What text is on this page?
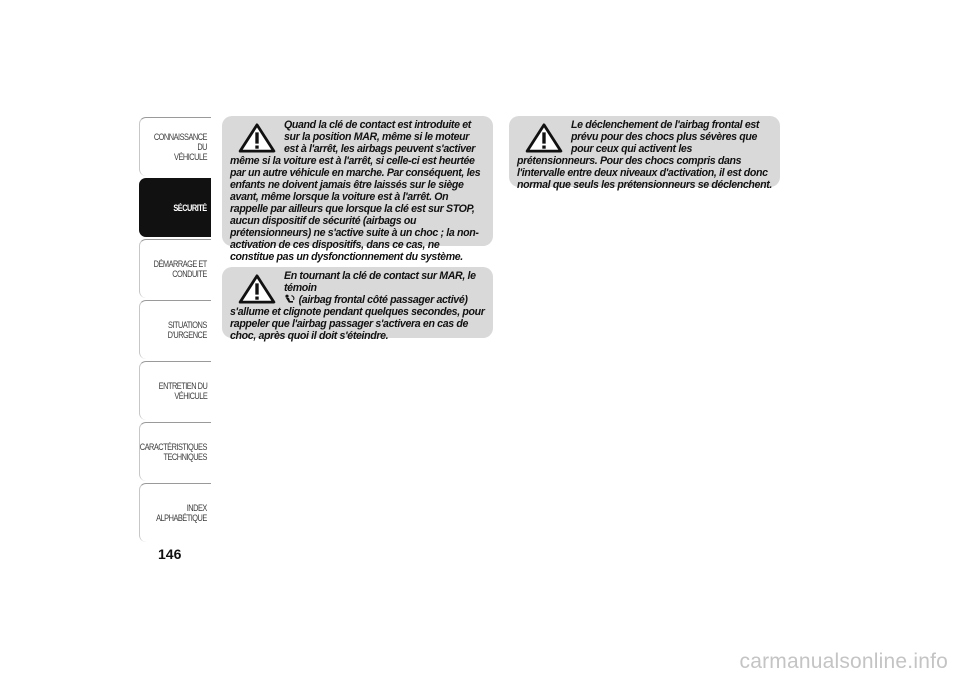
CONNAISSANCE DU
VÉHICULE
SÉCURITÉ
DÉMARRAGE ET
CONDUITE
SITUATIONS
D'URGENCE
ENTRETIEN DU
VÉHICULE
CARACTÉRISTIQUES
TECHNIQUES
INDEX
ALPHABÉTIQUE
146

Quand la clé de contact est introduite et sur la position MAR, même si le moteur est à l'arrêt, les airbags peuvent s'activer même si la voiture est à l'arrêt, si celle-ci est heurtée par un autre véhicule en marche. Par conséquent, les enfants ne doivent jamais être laissés sur le siège avant, même lorsque la voiture est à l'arrêt. On rappelle par ailleurs que lorsque la clé est sur STOP, aucun dispositif de sécurité (airbags ou prétensionneurs) ne s'active suite à un choc ; la non-activation de ces dispositifs, dans ce cas, ne constitue pas un dysfonctionnement du système.

En tournant la clé de contact sur MAR, le témoin
(airbag frontal côté passager activé) s'allume et clignote pendant quelques secondes, pour rappeler que l'airbag passager s'activera en cas de choc, après quoi il doit s'éteindre.

Le déclenchement de l'airbag frontal est prévu pour des chocs plus sévères que pour ceux qui activent les prétensionneurs. Pour des chocs compris dans l'intervalle entre deux niveaux d'activation, il est donc normal que seuls les prétensionneurs se déclenchent.

carmanualsonline.info
